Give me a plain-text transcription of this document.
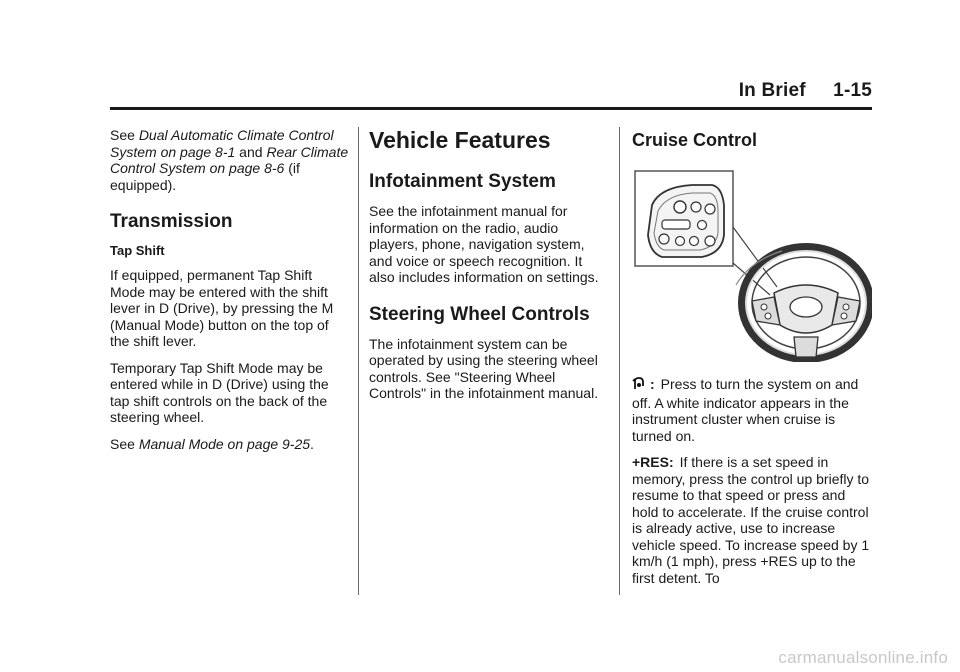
In Brief 1-15

See Dual Automatic Climate Control System on page 8-1 and Rear Climate Control System on page 8-6 (if equipped).

Transmission
Tap Shift

If equipped, permanent Tap Shift Mode may be entered with the shift lever in D (Drive), by pressing the M (Manual Mode) button on the top of the shift lever.

Temporary Tap Shift Mode may be entered while in D (Drive) using the tap shift controls on the back of the steering wheel.

See Manual Mode on page 9-25.

Vehicle Features
Infotainment System

See the infotainment manual for information on the radio, audio players, phone, navigation system, and voice or speech recognition. It also includes information on settings.

Steering Wheel Controls

The infotainment system can be operated by using the steering wheel controls. See "Steering Wheel Controls" in the infotainment manual.

Cruise Control

: Press to turn the system on and off. A white indicator appears in the instrument cluster when cruise is turned on.

+RES: If there is a set speed in memory, press the control up briefly to resume to that speed or press and hold to accelerate. If the cruise control is already active, use to increase vehicle speed. To increase speed by 1 km/h (1 mph), press +RES up to the first detent. To

carmanualsonline.info
